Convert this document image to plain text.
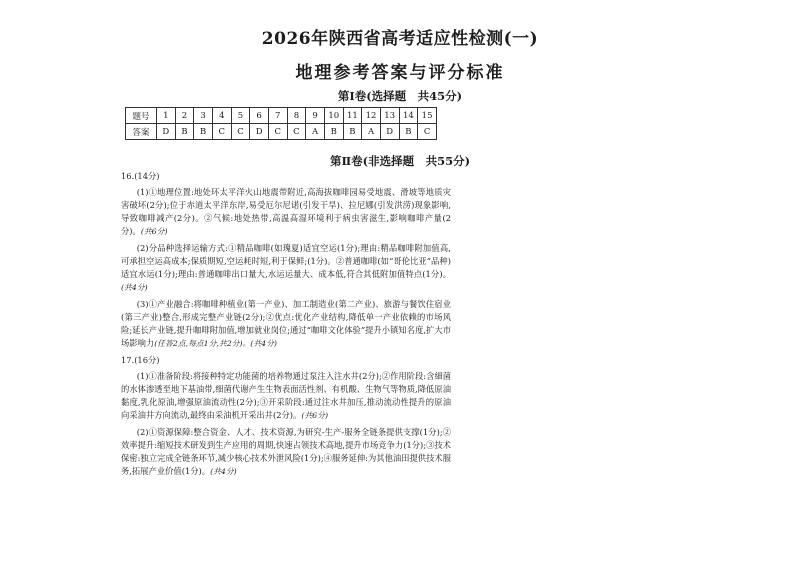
2026年陕西省高考适应性检测(一)
地理参考答案与评分标准
第Ⅰ卷(选择题　共45分)
题号	1	2	3	4	5	6	7	8	9	10	11	12	13	14	15
答案	D	B	B	C	C	D	C	C	A	B	B	A	D	B	C
第Ⅱ卷(非选择题　共55分)

16.(14分)

(1)①地理位置:地处环太平洋火山地震带附近,高海拔咖啡园易受地震、滑坡等地质灾害破坏(2分);位于赤道太平洋东岸,易受厄尔尼诺(引发干旱)、拉尼娜(引发洪涝)现象影响,导致咖啡减产(2分)。②气候:地处热带,高温高湿环境利于病虫害滋生,影响咖啡产量(2分)。(共6分)

(2)分品种选择运输方式:①精品咖啡(如瑰夏)适宜空运(1分);理由:精品咖啡附加值高,可承担空运高成本;保质期短,空运耗时短,利于保鲜;(1分)。②普通咖啡(如“哥伦比亚”品种)适宜水运(1分);理由:普通咖啡出口量大,水运运量大、成本低,符合其低附加值特点(1分)。(共4分)

(3)①产业融合:将咖啡种植业(第一产业)、加工制造业(第二产业)、旅游与餐饮住宿业(第三产业)整合,形成完整产业链(2分);②优点:优化产业结构,降低单一产业依赖的市场风险;延长产业链,提升咖啡附加值,增加就业岗位;通过“咖啡文化体验”提升小镇知名度,扩大市场影响力(任答2点,每点1分,共2分)。(共4分)

17.(16分)

(1)①准备阶段:将接种特定功能菌的培养物通过泵注入注水井(2分);②作用阶段:含細菌的水体渗透至地下基油带,细菌代谢产生生物表面活性剂、有机酸、生物气等物质,降低原油黏度,乳化原油,增强原油流动性(2分);③开采阶段:通过注水井加压,推动流动性提升的原油向采油井方向流动,最终由采油机开采出井(2分)。(共6分)

(2)①资源保障:整合资金、人才、技术资源,为研究-生产-服务全链条提供支撑(1分);②效率提升:缩短技术研发到生产应用的周期,快速占领技术高地,提升市场竞争力(1分);③技术保密:独立完成全链条环节,减少核心技术外泄风险(1分);④服务延伸:为其他油田提供技术服务,拓展产业价值(1分)。(共4分)
